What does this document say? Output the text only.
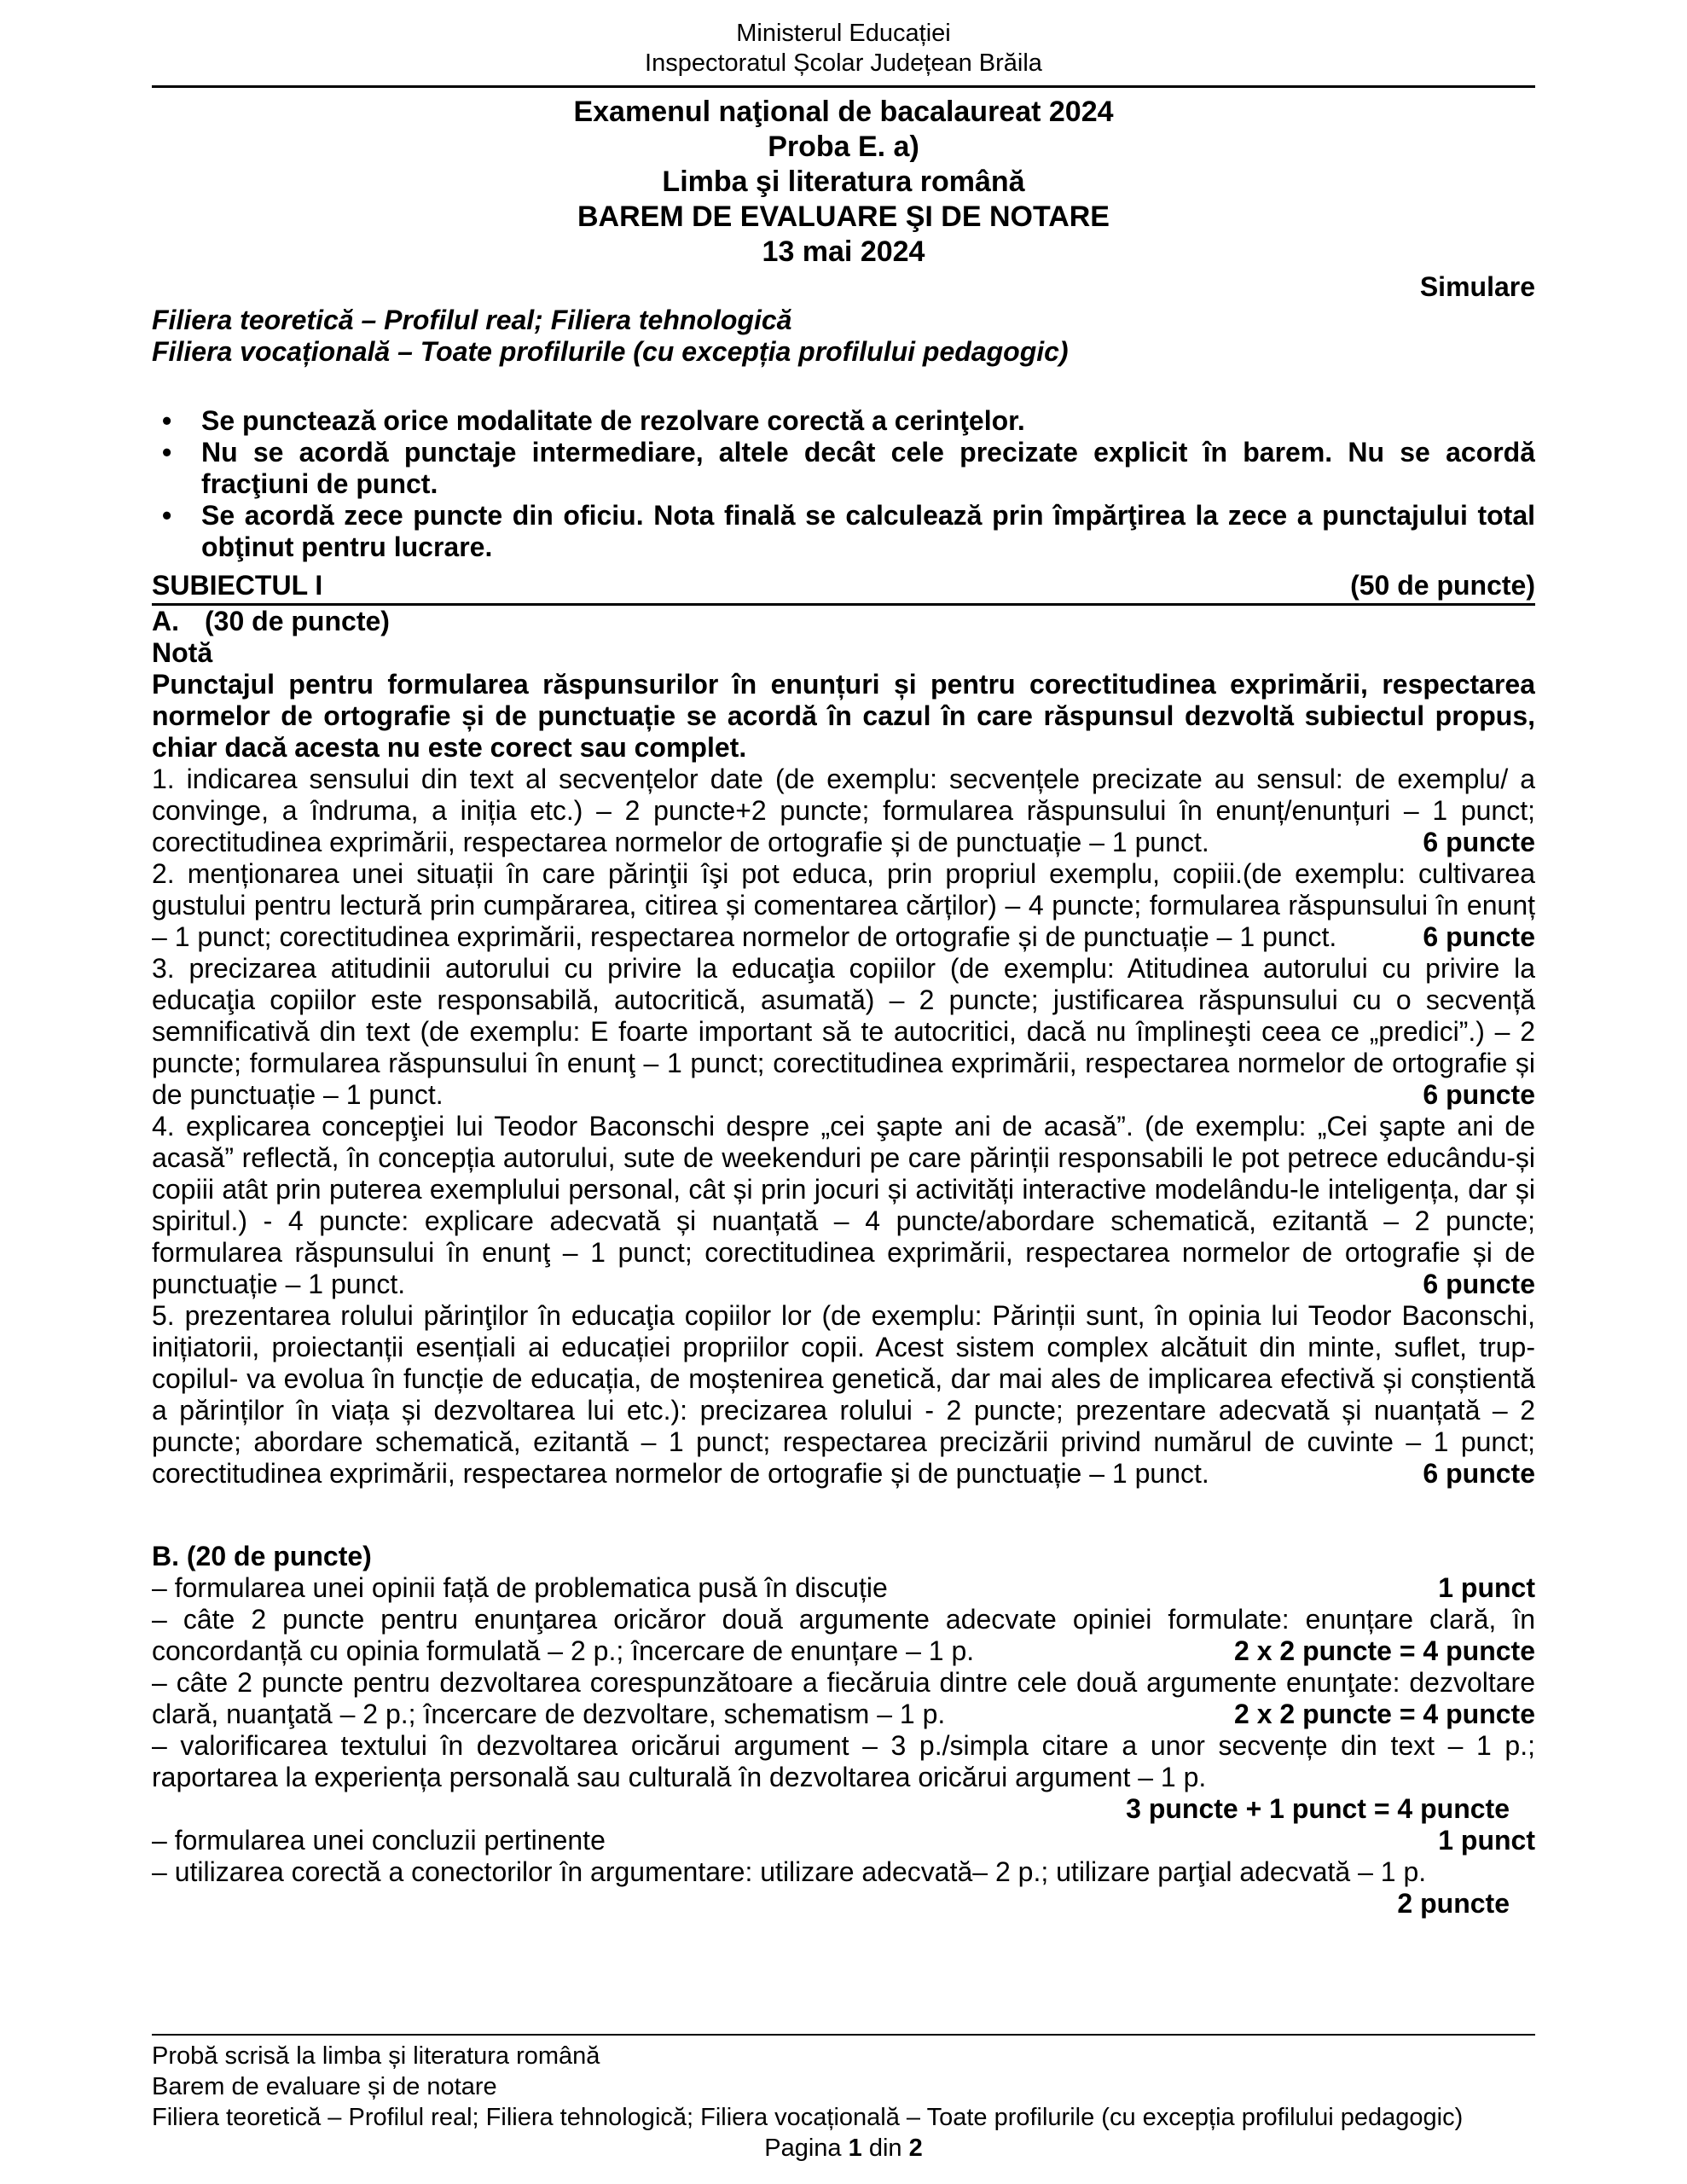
Ministerul Educației

Inspectoratul Școlar Județean Brăila

Examenul naţional de bacalaureat 2024

Proba E. a)

Limba şi literatura română

BAREM DE EVALUARE ŞI DE NOTARE

13 mai 2024

Simulare

Filiera teoretică – Profilul real; Filiera tehnologică

Filiera vocațională – Toate profilurile (cu excepția profilului pedagogic)

•	Se punctează orice modalitate de rezolvare corectă a cerinţelor.
•	Nu se acordă punctaje intermediare, altele decât cele precizate explicit în barem. Nu se acordă fracţiuni de punct.
•	Se acordă zece puncte din oficiu. Nota finală se calculează prin împărţirea la zece a punctajului total obţinut pentru lucrare.
SUBIECTUL I	(50 de puncte)

A. (30 de puncte)

Notă

Punctajul pentru formularea răspunsurilor în enunțuri și pentru corectitudinea exprimării, respectarea normelor de ortografie și de punctuație se acordă în cazul în care răspunsul dezvoltă subiectul propus, chiar dacă acesta nu este corect sau complet.

1. indicarea sensului din text al secvențelor date (de exemplu: secvențele precizate au sensul: de exemplu/ a convinge, a îndruma, a iniția etc.) – 2 puncte+2 puncte; formularea răspunsului în enunț/enunțuri – 1 punct; corectitudinea exprimării, respectarea normelor de ortografie și de punctuație – 1 punct.	6 puncte

2. menționarea unei situații în care părinţii îşi pot educa, prin propriul exemplu, copiii.(de exemplu: cultivarea gustului pentru lectură prin cumpărarea, citirea și comentarea cărților) – 4 puncte; formularea răspunsului în enunț – 1 punct; corectitudinea exprimării, respectarea normelor de ortografie și de punctuație – 1 punct.	6 puncte

3. precizarea atitudinii autorului cu privire la educaţia copiilor (de exemplu: Atitudinea autorului cu privire la educaţia copiilor este responsabilă, autocritică, asumată) – 2 puncte; justificarea răspunsului cu o secvență semnificativă din text (de exemplu: E foarte important să te autocritici, dacă nu împlineşti ceea ce „predici”.) – 2 puncte; formularea răspunsului în enunţ – 1 punct; corectitudinea exprimării, respectarea normelor de ortografie și de punctuație – 1 punct.	6 puncte

4. explicarea concepţiei lui Teodor Baconschi despre „cei şapte ani de acasă”. (de exemplu: „Cei şapte ani de acasă” reflectă, în concepția autorului, sute de weekenduri pe care părinții responsabili le pot petrece educându-și copiii atât prin puterea exemplului personal, cât și prin jocuri și activități interactive modelându-le inteligența, dar și spiritul.) - 4 puncte: explicare adecvată și nuanțată – 4 puncte/abordare schematică, ezitantă – 2 puncte; formularea răspunsului în enunţ – 1 punct; corectitudinea exprimării, respectarea normelor de ortografie și de punctuație – 1 punct.	6 puncte

5. prezentarea rolului părinţilor în educaţia copiilor lor (de exemplu: Părinții sunt, în opinia lui Teodor Baconschi, inițiatorii, proiectanții esențiali ai educației propriilor copii. Acest sistem complex alcătuit din minte, suflet, trup- copilul- va evolua în funcție de educația, de moștenirea genetică, dar mai ales de implicarea efectivă și conștientă a părinților în viața și dezvoltarea lui etc.): precizarea rolului - 2 puncte; prezentare adecvată și nuanțată – 2 puncte; abordare schematică, ezitantă – 1 punct; respectarea precizării privind numărul de cuvinte – 1 punct; corectitudinea exprimării, respectarea normelor de ortografie și de punctuație – 1 punct.	6 puncte

B. (20 de puncte)

– formularea unei opinii față de problematica pusă în discuție	1 punct

– câte 2 puncte pentru enunţarea oricăror două argumente adecvate opiniei formulate: enunțare clară, în concordanță cu opinia formulată – 2 p.; încercare de enunțare – 1 p.	2 x 2 puncte = 4 puncte

– câte 2 puncte pentru dezvoltarea corespunzătoare a fiecăruia dintre cele două argumente enunţate: dezvoltare clară, nuanţată – 2 p.; încercare de dezvoltare, schematism – 1 p.	2 x 2 puncte = 4 puncte

– valorificarea textului în dezvoltarea oricărui argument – 3 p./simpla citare a unor secvențe din text – 1 p.; raportarea la experiența personală sau culturală în dezvoltarea oricărui argument – 1 p.

3 puncte + 1 punct = 4 puncte

– formularea unei concluzii pertinente	1 punct

– utilizarea corectă a conectorilor în argumentare: utilizare adecvată– 2 p.; utilizare parţial adecvată – 1 p.

2 puncte

Probă scrisă la limba și literatura română

Barem de evaluare și de notare

Filiera teoretică – Profilul real; Filiera tehnologică; Filiera vocațională – Toate profilurile (cu excepția profilului pedagogic)

Pagina 1 din 2
